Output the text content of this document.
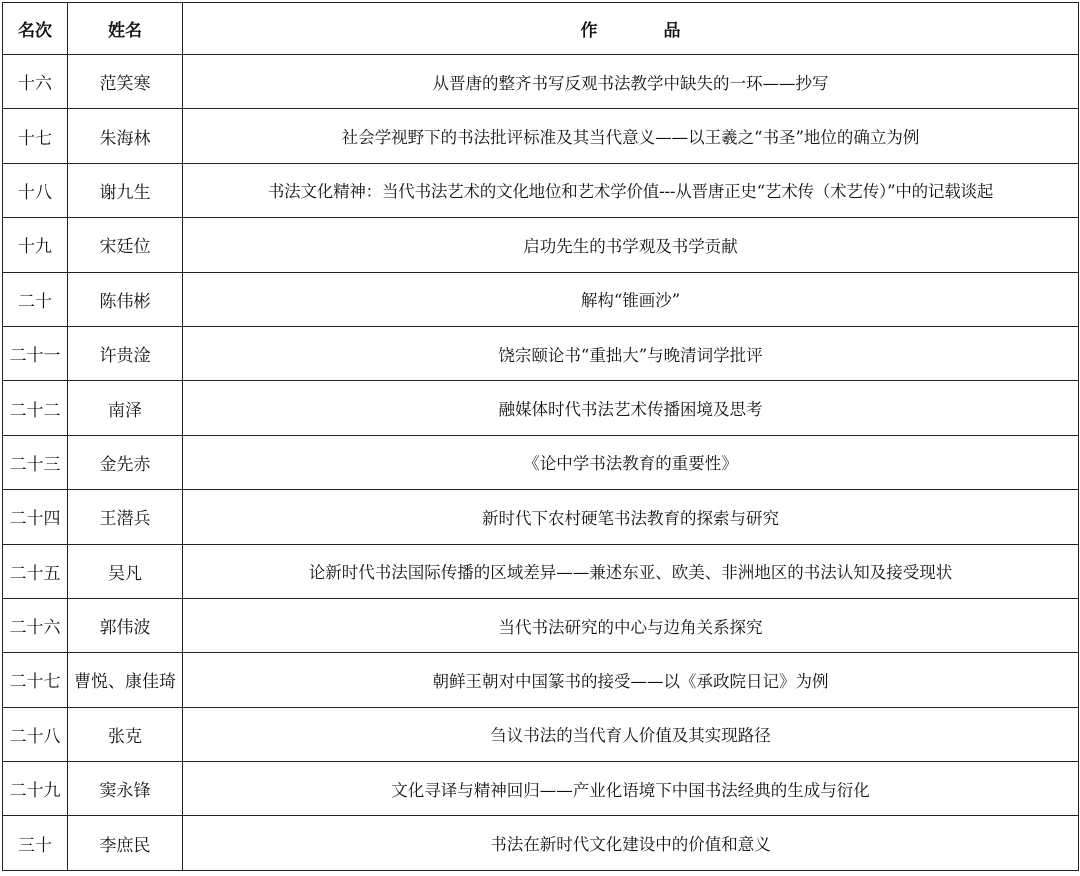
名次	姓名	作 品
十六	范笑寒	从晋唐的整齐书写反观书法教学中缺失的一环——抄写
十七	朱海林	社会学视野下的书法批评标准及其当代意义——以王羲之“书圣”地位的确立为例
十八	谢九生	书法文化精神：当代书法艺术的文化地位和艺术学价值---从晋唐正史“艺术传（术艺传）”中的记载谈起
十九	宋廷位	启功先生的书学观及书学贡献
二十	陈伟彬	解构“锥画沙”
二十一	许贵淦	饶宗颐论书“重拙大”与晚清词学批评
二十二	南泽	融媒体时代书法艺术传播困境及思考
二十三	金先赤	《论中学书法教育的重要性》
二十四	王潜兵	新时代下农村硬笔书法教育的探索与研究
二十五	吴凡	论新时代书法国际传播的区域差异——兼述东亚、欧美、非洲地区的书法认知及接受现状
二十六	郭伟波	当代书法研究的中心与边角关系探究
二十七	曹悦、康佳琦	朝鲜王朝对中国篆书的接受——以《承政院日记》为例
二十八	张克	刍议书法的当代育人价值及其实现路径
二十九	窦永锋	文化寻译与精神回归——产业化语境下中国书法经典的生成与衍化
三十	李庶民	书法在新时代文化建设中的价值和意义
